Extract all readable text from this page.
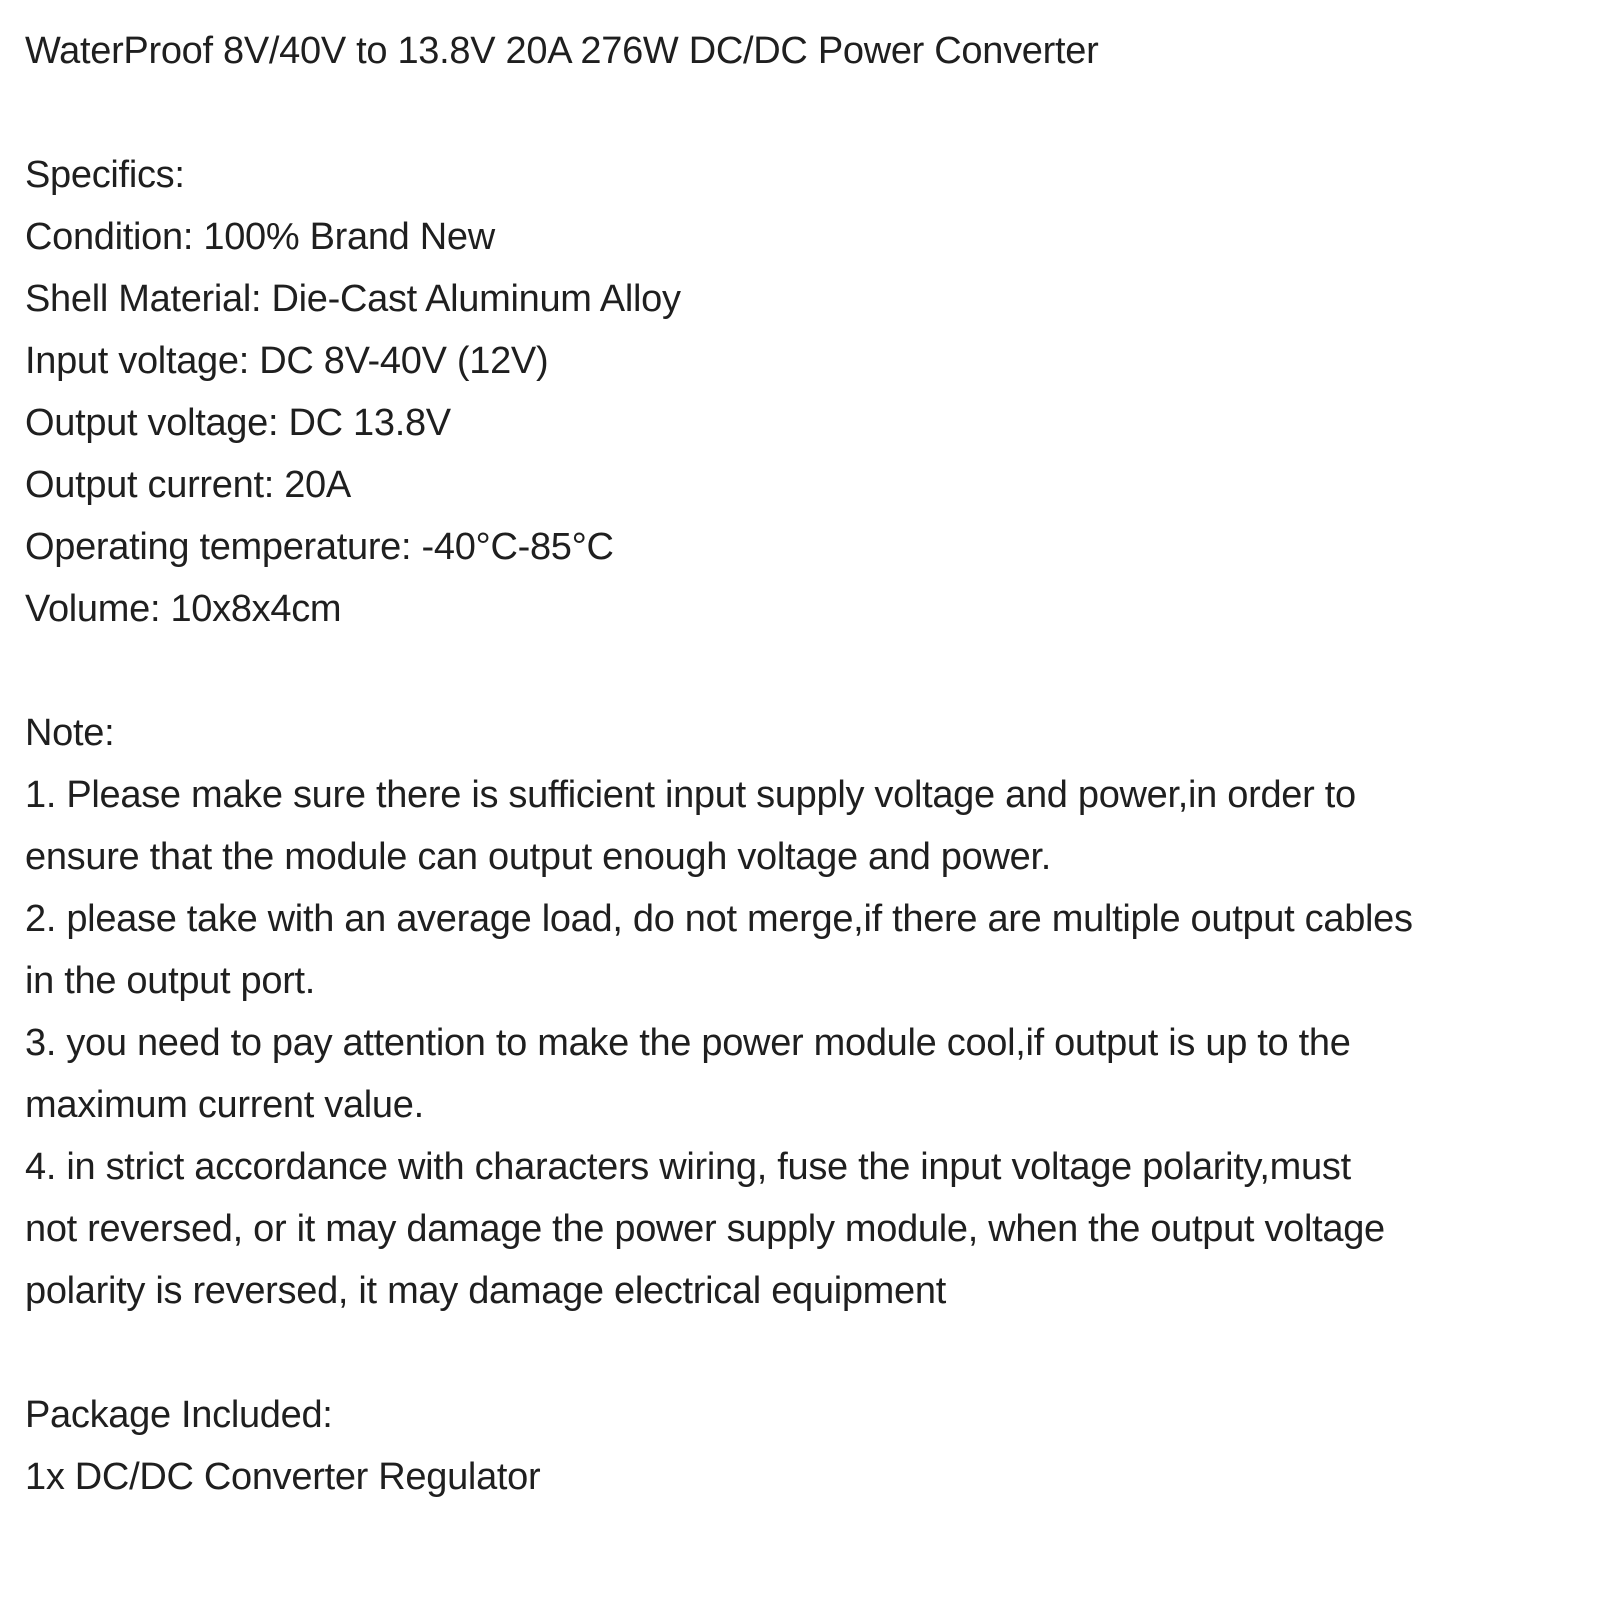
WaterProof 8V/40V to 13.8V 20A 276W DC/DC Power Converter
Specifics:
Condition: 100% Brand New
Shell Material: Die-Cast Aluminum Alloy
Input voltage: DC 8V-40V (12V)
Output voltage: DC 13.8V
Output current: 20A
Operating temperature: -40°C-85°C
Volume: 10x8x4cm
Note:
1. Please make sure there is sufficient input supply voltage and power,in order to
ensure that the module can output enough voltage and power.
2. please take with an average load, do not merge,if there are multiple output cables
in the output port.
3. you need to pay attention to make the power module cool,if output is up to the
maximum current value.
4. in strict accordance with characters wiring, fuse the input voltage polarity,must
not reversed, or it may damage the power supply module, when the output voltage
polarity is reversed, it may damage electrical equipment
Package Included:
1x DC/DC Converter Regulator
